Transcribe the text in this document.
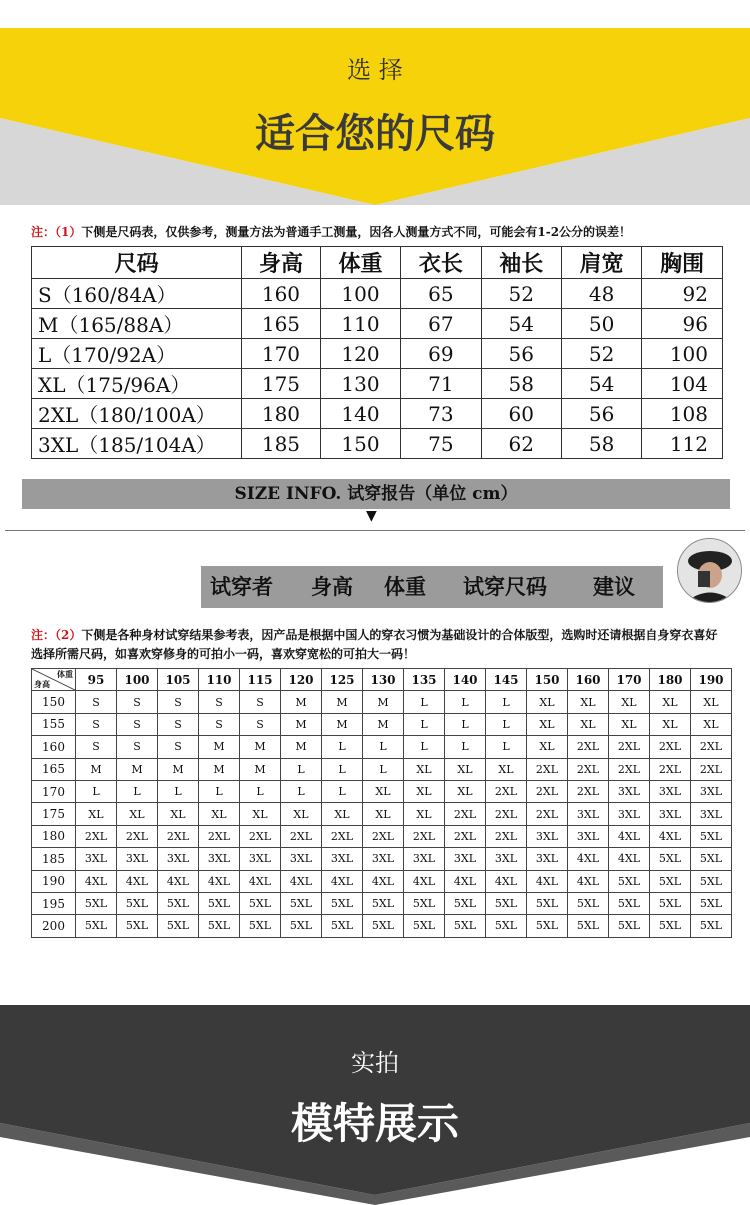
选 择
适合您的尺码
注：（1）下侧是尺码表，仅供参考，测量方法为普通手工测量，因各人测量方式不同，可能会有1-2公分的误差！
尺码	身高	体重	衣长	袖长	肩宽	胸围
S（160/84A）	160	100	65	52	48	92
M（165/88A）	165	110	67	54	50	96
L（170/92A）	170	120	69	56	52	100
XL（175/96A）	175	130	71	58	54	104
2XL（180/100A）	180	140	73	60	56	108
3XL（185/104A）	185	150	75	62	58	112
SIZE INFO. 试穿报告（单位 cm）
▼
试穿者 身高 体重 试穿尺码 建议
注：（2）下侧是各种身材试穿结果参考表，因产品是根据中国人的穿衣习惯为基础设计的合体版型，选购时还请根据自身穿衣喜好选择所需尺码，如喜欢穿修身的可拍小一码，喜欢穿宽松的可拍大一码！
体重
身高	95	100	105	110	115	120	125	130	135	140	145	150	160	170	180	190
150	S	S	S	S	S	M	M	M	L	L	L	XL	XL	XL	XL	XL
155	S	S	S	S	S	M	M	M	L	L	L	XL	XL	XL	XL	XL
160	S	S	S	M	M	M	L	L	L	L	L	XL	2XL	2XL	2XL	2XL
165	M	M	M	M	M	L	L	L	XL	XL	XL	2XL	2XL	2XL	2XL	2XL
170	L	L	L	L	L	L	L	XL	XL	XL	2XL	2XL	2XL	3XL	3XL	3XL
175	XL	XL	XL	XL	XL	XL	XL	XL	XL	2XL	2XL	2XL	3XL	3XL	3XL	3XL
180	2XL	2XL	2XL	2XL	2XL	2XL	2XL	2XL	2XL	2XL	2XL	3XL	3XL	4XL	4XL	5XL
185	3XL	3XL	3XL	3XL	3XL	3XL	3XL	3XL	3XL	3XL	3XL	3XL	4XL	4XL	5XL	5XL
190	4XL	4XL	4XL	4XL	4XL	4XL	4XL	4XL	4XL	4XL	4XL	4XL	4XL	5XL	5XL	5XL
195	5XL	5XL	5XL	5XL	5XL	5XL	5XL	5XL	5XL	5XL	5XL	5XL	5XL	5XL	5XL	5XL
200	5XL	5XL	5XL	5XL	5XL	5XL	5XL	5XL	5XL	5XL	5XL	5XL	5XL	5XL	5XL	5XL
实拍
模特展示
